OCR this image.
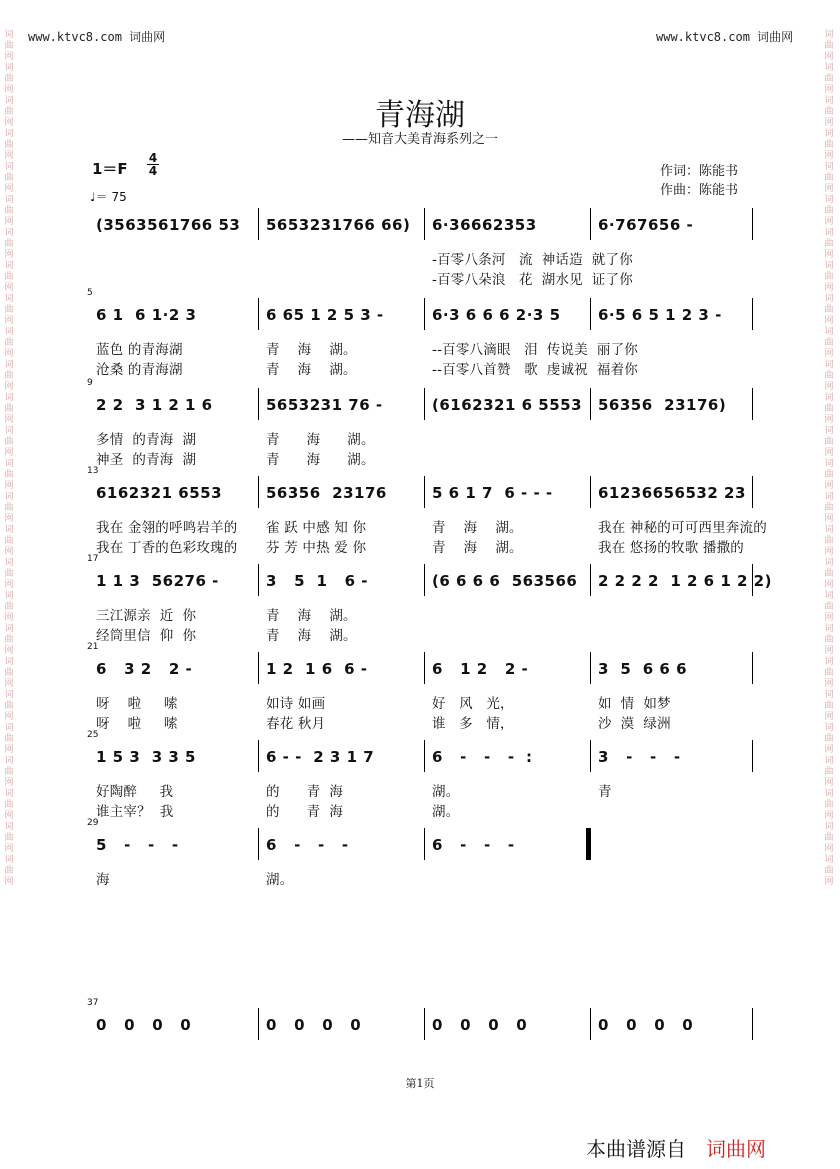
www.ktvc8.com 词曲网	www.ktvc8.com 词曲网
词曲网词曲网词曲网词曲网词曲网词曲网词曲网词曲网词曲网词曲网词曲网词曲网词曲网词曲网词曲网词曲网词曲网词曲网词曲网词曲网词曲网词曲网词曲网词曲网词曲网词曲网
词曲网词曲网词曲网词曲网词曲网词曲网词曲网词曲网词曲网词曲网词曲网词曲网词曲网词曲网词曲网词曲网词曲网词曲网词曲网词曲网词曲网词曲网词曲网词曲网词曲网词曲网
青海湖
——知音大美青海系列之一
$1=F \frac{4}{4}$
♩＝ 75
作词：陈能书
作曲：陈能书
(3563561766 53 5653231766 66) 6·36662353	6·767656 -
-百零八条河   流  神话造  就了你
-百零八朵浪   花  湖水见  证了你
5
6 1  6 1·2 3	6 65 1 2 5 3 -	6·3 6 6 6 2·3 5 6·5 6 5 1 2 3 -
蓝色 的青海湖	青    海    湖。	--百零八滴眼   泪  传说美  丽了你
沧桑 的青海湖	青    海    湖。	--百零八首赞   歌  虔诚祝  福着你
9
2 2  3 1 2 1 6	5653231 76 -	(6162321 6 5553 56356  23176)
多情  的青海  湖	青      海      湖。
神圣  的青海  湖	青      海      湖。
13
6162321 6553	56356  23176	5 6 1 7  6 - - -	61236656532 23
我在 金翎的呼鸣岩羊的 雀 跃 中感 知 你	青    海    湖。	我在 神秘的可可西里奔流的
我在 丁香的色彩玫瑰的 芬 芳 中热 爱 你	青    海    湖。	我在 悠扬的牧歌 播撒的
17
1 1 3  56276 -	3   5  1   6 -	(6 6 6 6  563566 2 2 2 2  1 2 6 1 2 2)
三江源亲  近  你	青    海    湖。
经筒里信  仰  你	青    海    湖。
21
6   3 2   2 -	1 2  1 6  6 -	6   1 2   2 -	3  5  6 6 6
呀    啦     嗦	如诗 如画	好   风   光，	如  情  如梦
呀    啦     嗦	春花 秋月	谁   多   情，	沙  漠  绿洲
25
1 5 3  3 3 5	6 - -  2 3 1 7	6   -   -   -  :	3   -   -   -
好陶醉     我	的      青  海	湖。	青
谁主宰？  我	的      青  海	湖。
29
5   -   -   -	6   -   -   -	6   -   -   -
海	湖。
37
0   0   0   0	0   0   0   0	0   0   0   0	0   0   0   0
第1页
本曲谱源自 词曲网
